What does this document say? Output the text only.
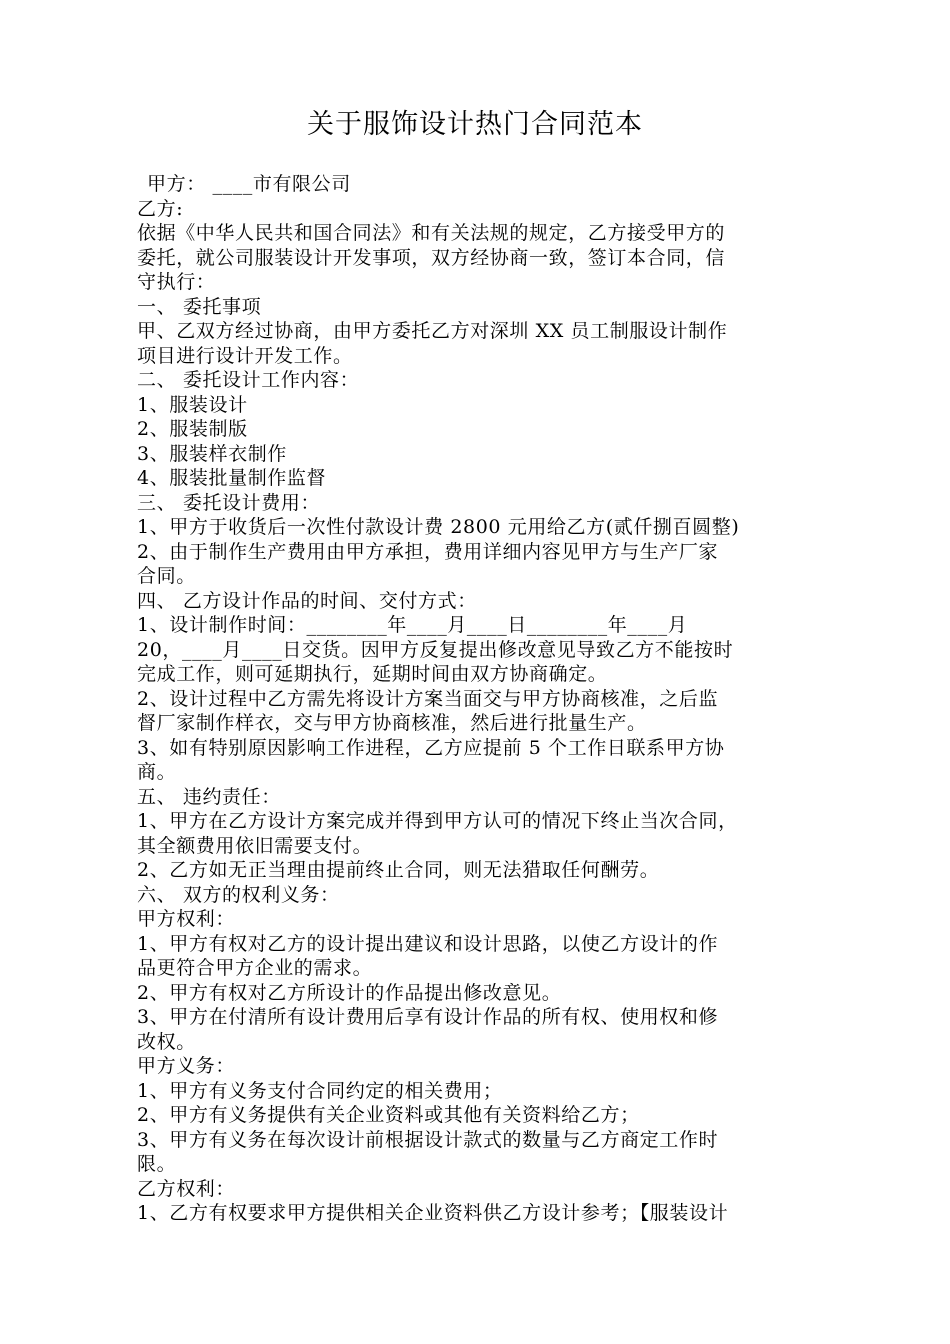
关于服饰设计热门合同范本
甲方： ____市有限公司
乙方:
依据《中华人民共和国合同法》和有关法规的规定，乙方接受甲方的
委托，就公司服装设计开发事项，双方经协商一致，签订本合同，信
守执行：
一、 委托事项
甲、乙双方经过协商，由甲方委托乙方对深圳 XX 员工制服设计制作
项目进行设计开发工作。
二、 委托设计工作内容：
1、服装设计
2、服装制版
3、服装样衣制作
4、服装批量制作监督
三、 委托设计费用：
1、甲方于收货后一次性付款设计费 2800 元用给乙方(贰仟捌百圆整)
2、由于制作生产费用由甲方承担，费用详细内容见甲方与生产厂家
合同。
四、 乙方设计作品的时间、交付方式：
1、设计制作时间：________年____月____日________年____月
20，____月____日交货。因甲方反复提出修改意见导致乙方不能按时
完成工作，则可延期执行，延期时间由双方协商确定。
2、设计过程中乙方需先将设计方案当面交与甲方协商核准，之后监
督厂家制作样衣，交与甲方协商核准，然后进行批量生产。
3、如有特别原因影响工作进程，乙方应提前 5 个工作日联系甲方协
商。
五、 违约责任：
1、甲方在乙方设计方案完成并得到甲方认可的情况下终止当次合同，
其全额费用依旧需要支付。
2、乙方如无正当理由提前终止合同，则无法猎取任何酬劳。
六、 双方的权利义务：
甲方权利：
1、甲方有权对乙方的设计提出建议和设计思路，以使乙方设计的作
品更符合甲方企业的需求。
2、甲方有权对乙方所设计的作品提出修改意见。
3、甲方在付清所有设计费用后享有设计作品的所有权、使用权和修
改权。
甲方义务：
1、甲方有义务支付合同约定的相关费用；
2、甲方有义务提供有关企业资料或其他有关资料给乙方；
3、甲方有义务在每次设计前根据设计款式的数量与乙方商定工作时
限。
乙方权利：
1、乙方有权要求甲方提供相关企业资料供乙方设计参考；【服装设计
